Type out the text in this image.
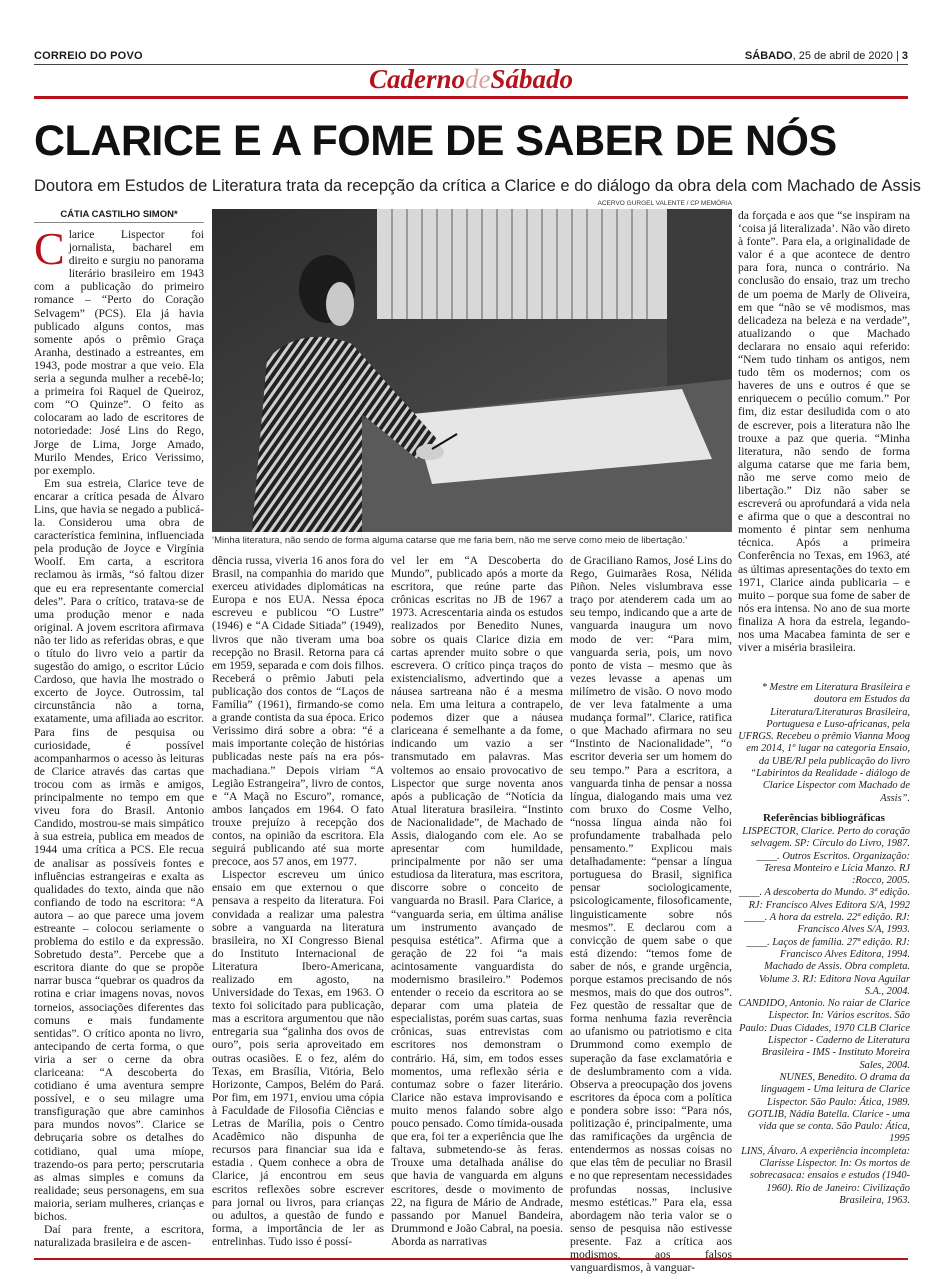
CORREIO DO POVO	SÁBADO, 25 de abril de 2020 | 3
CadernodeSábado
CLARICE E A FOME DE SABER DE NÓS
Doutora em Estudos de Literatura trata da recepção da crítica a Clarice e do diálogo da obra dela com Machado de Assis
CÁTIA CASTILHO SIMON*

Clarice Lispector foi jornalista, bacharel em direito e surgiu no panorama literário brasileiro em 1943 com a publicação do primeiro romance – “Perto do Coração Selvagem” (PCS). Ela já havia publicado alguns contos, mas somente após o prêmio Graça Aranha, destinado a estreantes, em 1943, pode mostrar a que veio. Ela seria a segunda mulher a recebê-lo; a primeira foi Raquel de Queiroz, com “O Quinze”. O feito as colocaram ao lado de escritores de notoriedade: José Lins do Rego, Jorge de Lima, Jorge Amado, Murilo Mendes, Erico Verissimo, por exemplo.

Em sua estreia, Clarice teve de encarar a crítica pesada de Álvaro Lins, que havia se negado a publicá-la. Considerou uma obra de característica feminina, influenciada pela produção de Joyce e Virgínia Woolf. Em carta, a escritora reclamou às irmãs, “só faltou dizer que eu era representante comercial deles”. Para o crítico, tratava-se de uma produção menor e nada original. A jovem escritora afirmava não ter lido as referidas obras, e que o título do livro veio a partir da sugestão do amigo, o escritor Lúcio Cardoso, que havia lhe mostrado o excerto de Joyce. Outrossim, tal circunstância não a torna, exatamente, uma afiliada ao escritor. Para fins de pesquisa ou curiosidade, é possível acompanharmos o acesso às leituras de Clarice através das cartas que trocou com as irmãs e amigos, principalmente no tempo em que viveu fora do Brasil. Antonio Candido, mostrou-se mais simpático à sua estreia, publica em meados de 1944 uma crítica a PCS. Ele recua de analisar as possíveis fontes e influências estrangeiras e exalta as qualidades do texto, ainda que não confiando de todo na escritora: “A autora – ao que parece uma jovem estreante – colocou seriamente o problema do estilo e da expressão. Sobretudo desta”. Percebe que a escritora diante do que se propõe narrar busca “quebrar os quadros da rotina e criar imagens novas, novos torneios, associações diferentes das comuns e mais fundamente sentidas”. O crítico aponta no livro, antecipando de certa forma, o que viria a ser o cerne da obra clariceana: “A descoberta do cotidiano é uma aventura sempre possível, e o seu milagre uma transfiguração que abre caminhos para mundos novos”. Clarice se debruçaria sobre os detalhes do cotidiano, qual uma míope, trazendo-os para perto; perscrutaria as almas simples e comuns da realidade; seus personagens, em sua maioria, seriam mulheres, crianças e bichos.

Daí para frente, a escritora, naturalizada brasileira e de ascen-

ACERVO GURGEL VALENTE / CP MEMÓRIA
‘Minha literatura, não sendo de forma alguma catarse que me faria bem, não me serve como meio de libertação.’

dência russa, viveria 16 anos fora do Brasil, na companhia do marido que exerceu atividades diplomáticas na Europa e nos EUA. Nessa época escreveu e publicou “O Lustre” (1946) e “A Cidade Sitiada” (1949), livros que não tiveram uma boa recepção no Brasil. Retorna para cá em 1959, separada e com dois filhos. Receberá o prêmio Jabuti pela publicação dos contos de “Laços de Família” (1961), firmando-se como a grande contista da sua época. Erico Verissimo dirá sobre a obra: “é a mais importante coleção de histórias publicadas neste país na era pós-machadiana.” Depois viriam “A Legião Estrangeira”, livro de contos, e “A Maçã no Escuro”, romance, ambos lançados em 1964. O fato trouxe prejuízo à recepção dos contos, na opinião da escritora. Ela seguirá publicando até sua morte precoce, aos 57 anos, em 1977.

Lispector escreveu um único ensaio em que externou o que pensava a respeito da literatura. Foi convidada a realizar uma palestra sobre a vanguarda na literatura brasileira, no XI Congresso Bienal do Instituto Internacional de Literatura Ibero-Americana, realizado em agosto, na Universidade do Texas, em 1963. O texto foi solicitado para publicação, mas a escritora argumentou que não entregaria sua “galinha dos ovos de ouro”, pois seria aproveitado em outras ocasiões. E o fez, além do Texas, em Brasília, Vitória, Belo Horizonte, Campos, Belém do Pará. Por fim, em 1971, enviou uma cópia à Faculdade de Filosofia Ciências e Letras de Marília, pois o Centro Acadêmico não dispunha de recursos para financiar sua ida e estadia . Quem conhece a obra de Clarice, já encontrou em seus escritos reflexões sobre escrever para jornal ou livros, para crianças ou adultos, a questão de fundo e forma, a importância de ler as entrelinhas. Tudo isso é possí-

vel ler em “A Descoberta do Mundo”, publicado após a morte da escritora, que reúne parte das crônicas escritas no JB de 1967 a 1973. Acrescentaria ainda os estudos realizados por Benedito Nunes, sobre os quais Clarice dizia em cartas aprender muito sobre o que escrevera. O crítico pinça traços do existencialismo, advertindo que a náusea sartreana não é a mesma nela. Em uma leitura a contrapelo, podemos dizer que a náusea clariceana é semelhante a da fome, indicando um vazio a ser transmutado em palavras. Mas voltemos ao ensaio provocativo de Lispector que surge noventa anos após a publicação de “Notícia da Atual literatura brasileira. “Instinto de Nacionalidade”, de Machado de Assis, dialogando com ele. Ao se apresentar com humildade, principalmente por não ser uma estudiosa da literatura, mas escritora, discorre sobre o conceito de vanguarda no Brasil. Para Clarice, a “vanguarda seria, em última análise um instrumento avançado de pesquisa estética”. Afirma que a geração de 22 foi “a mais acintosamente vanguardista do modernismo brasileiro.” Podemos entender o receio da escritora ao se deparar com uma plateia de especialistas, porém suas cartas, suas crônicas, suas entrevistas com escritores nos demonstram o contrário. Há, sim, em todos esses momentos, uma reflexão séria e contumaz sobre o fazer literário. Clarice não estava improvisando e muito menos falando sobre algo pouco pensado. Como tímida-ousada que era, foi ter a experiência que lhe faltava, submetendo-se às feras. Trouxe uma detalhada análise do que havia de vanguarda em alguns escritores, desde o movimento de 22, na figura de Mário de Andrade, passando por Manuel Bandeira, Drummond e João Cabral, na poesia. Aborda as narrativas

de Graciliano Ramos, José Lins do Rego, Guimarães Rosa, Nélida Piñon. Neles vislumbrava esse traço por atenderem cada um ao seu tempo, indicando que a arte de vanguarda inaugura um novo modo de ver: “Para mim, vanguarda seria, pois, um novo ponto de vista – mesmo que às vezes levasse a apenas um milímetro de visão. O novo modo de ver leva fatalmente a uma mudança formal”. Clarice, ratifica o que Machado afirmara no seu “Instinto de Nacionalidade”, “o escritor deveria ser um homem do seu tempo.” Para a escritora, a vanguarda tinha de pensar a nossa língua, dialogando mais uma vez com bruxo do Cosme Velho, “nossa língua ainda não foi profundamente trabalhada pelo pensamento.” Explicou mais detalhadamente: “pensar a língua portuguesa do Brasil, significa pensar sociologicamente, psicologicamente, filosoficamente, linguisticamente sobre nós mesmos”. E declarou com a convicção de quem sabe o que está dizendo: “temos fome de saber de nós, e grande urgência, porque estamos precisando de nós mesmos, mais do que dos outros”. Fez questão de ressaltar que de forma nenhuma fazia reverência ao ufanismo ou patriotismo e cita Drummond como exemplo de superação da fase exclamatória e de deslumbramento com a vida. Observa a preocupação dos jovens escritores da época com a política e pondera sobre isso: “Para nós, politização é, principalmente, uma das ramificações da urgência de entendermos as nossas coisas no que elas têm de peculiar no Brasil e no que representam necessidades profundas nossas, inclusive mesmo estéticas.” Para ela, essa abordagem não teria valor se o senso de pesquisa não estivesse presente. Faz a crítica aos modismos, aos falsos vanguardismos, à vanguar-

da forçada e aos que “se inspiram na ‘coisa já literalizada’. Não vão direto à fonte”. Para ela, a originalidade de valor é a que acontece de dentro para fora, nunca o contrário. Na conclusão do ensaio, traz um trecho de um poema de Marly de Oliveira, em que “não se vê modismos, mas delicadeza na beleza e na verdade”, atualizando o que Machado declarara no ensaio aqui referido: “Nem tudo tinham os antigos, nem tudo têm os modernos; com os haveres de uns e outros é que se enriquecem o pecúlio comum.” Por fim, diz estar desiludida com o ato de escrever, pois a literatura não lhe trouxe a paz que queria. “Minha literatura, não sendo de forma alguma catarse que me faria bem, não me serve como meio de libertação.” Diz não saber se escreverá ou aprofundará a vida nela e afirma que o que a descontrai no momento é pintar sem nenhuma técnica. Após a primeira Conferência no Texas, em 1963, até as últimas apresentações do texto em 1971, Clarice ainda publicaria – e muito – porque sua fome de saber de nós era intensa. No ano de sua morte finaliza A hora da estrela, legando-nos uma Macabea faminta de ser e viver a miséria brasileira.

* Mestre em Literatura Brasileira e doutora em Estudos da Literatura/Literaturas Brasileira, Portuguesa e Luso-africanas, pela UFRGS. Recebeu o prêmio Vianna Moog em 2014, 1º lugar na categoria Ensaio, da UBE/RJ pela publicação do livro “Labirintos da Realidade - diálogo de Clarice Lispector com Machado de Assis”.
Referências bibliográficas

LISPECTOR, Clarice. Perto do coração selvagem. SP: Círculo do Livro, 1987.

____. Outros Escritos. Organização: Teresa Monteiro e Lícia Manzo. RJ :Rocco, 2005.

____. A descoberta do Mundo. 3ª edição. RJ: Francisco Alves Editora S/A, 1992

____. A hora da estrela. 22ª edição. RJ: Francisco Alves S/A, 1993.

____. Laços de família. 27ª edição. RJ: Francisco Alves Editora, 1994.

Machado de Assis. Obra completa. Volume 3. RJ: Editora Nova Aguilar S.A., 2004.

CANDIDO, Antonio. No raiar de Clarice Lispector. In: Vários escritos. São Paulo: Duas Cidades, 1970 CLB Clarice Lispector - Caderno de Literatura Brasileira - IMS - Instituto Moreira Sales, 2004.

NUNES, Benedito. O drama da linguagem - Uma leitura de Clarice Lispector. São Paulo: Ática, 1989. GOTLIB, Nádia Batella. Clarice - uma vida que se conta. São Paulo: Ática, 1995

LINS, Álvaro. A experiência incompleta: Clarisse Lispector. In: Os mortos de sobrecasaca: ensaios e estudos (1940-1960). Rio de Janeiro: Civilização Brasileira, 1963.
